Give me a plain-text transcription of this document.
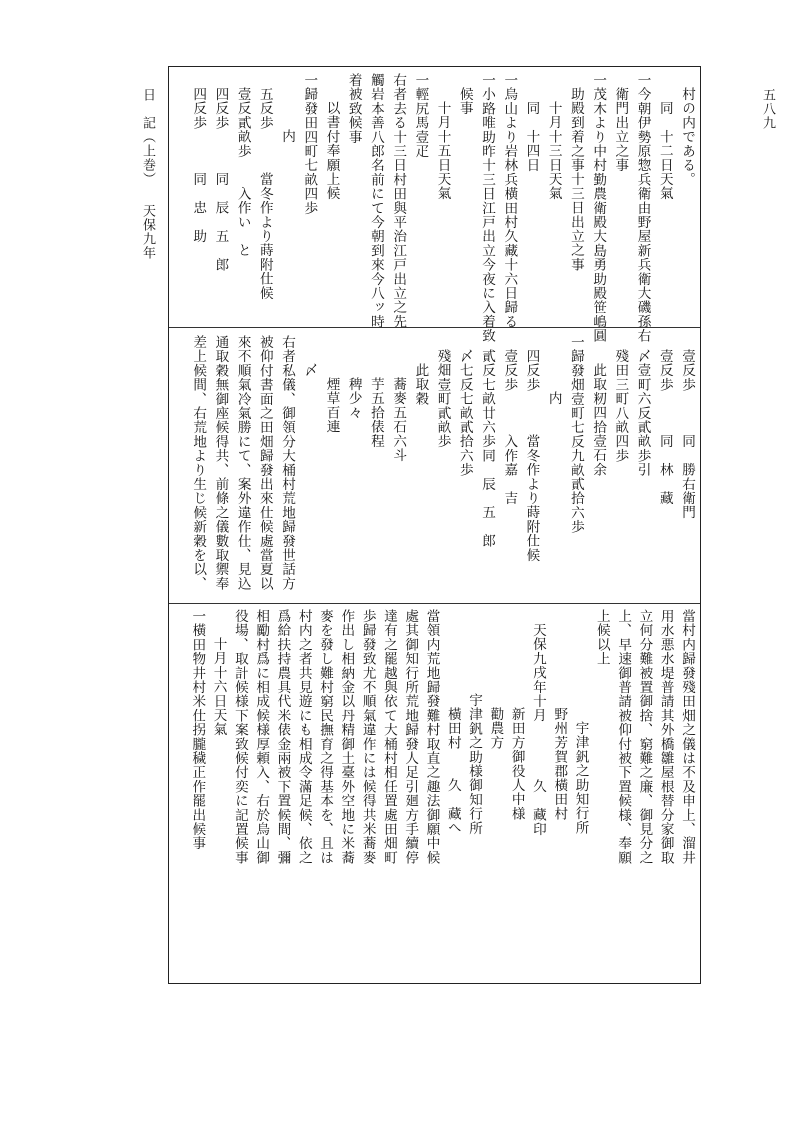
日　記（上巻）
天保九年
五八九
村の内である。
同　十二日天氣
一今朝伊勢原惣兵衛由野屋新兵衛大磯孫右
衛門出立之事
一茂木より中村勤農衛殿大島勇助殿笹嶋圓
助殿到着之事十三日出立之事
十月十三日天氣
同　十四日
一烏山より岩林兵橫田村久藏十六日歸る
一小路唯助昨十三日江戸出立今夜に入着致
候事
十月十五日天氣
一輕尻馬壹疋
右者去る十三日村田與平治江戸出立之先
觸岩本善八郎名前にて今朝到來今八ッ時
着被致候事
以書付奉願上候
一歸發田四町七畝四歩
内
五反歩　　　當冬作より蒔附仕候
壹反貳畝歩　　入作い　と
四反歩　　　同　辰　五　郎
四反歩　　　同　忠　助
壹反歩　　　同　勝右衛門
壹反歩　　　同　林　藏
〆壹町六反貳畝歩引
殘田三町八畝四歩
此取籾四拾壹石余
一歸發畑壹町七反九畝貳拾六歩
内
四反歩　　　當冬作より蒔附仕候
壹反歩　　　入作嘉　吉
貳反七畝廿六歩同　辰　五　郎
〆七反七畝貳拾六歩
殘畑壹町貳畝歩
此取穀
蕎麥五石六斗
芋五拾俵程
稗少々
煙草百連
〆
右者私儀、御領分大桶村荒地歸發世話方
被仰付書面之田畑歸發出來仕候處當夏以
來不順氣冷氣勝にて、案外違作仕、見込
通取穀無御座候得共、前條之儀數取禦奉
差上候間、右荒地より生じ候新穀を以、
當村内歸發殘田畑之儀は不及申上、溜井
用水悪水堤普請其外橋雛屋根替分家御取
立何分難被置御捨、窮難之廉、御見分之
上、早速御普請被仰付被下置候様、奉願
上候以上
宇津釩之助知行所
野州芳賀郡橫田村
天保九戌年十月　　　　久　藏印
新田方御役人中様
勸農方
宇津釩之助様御知行所
橫田村　　久　藏へ
當領内荒地歸發難村取直之趣法御願中候
處其御知行所荒地歸發人足引廻方手續停
達有之罷越與依て大桶村相任置處田畑町
歩歸發致尤不順氣違作には候得共米蕎麥
作出し相納金以丹精御土臺外空地に米蕎
麥を發し難村窮民撫育之得基本を、且は
村内之者共見遊にも相成令滿足候、依之
爲給扶持農具代米俵金兩被下置候間、彌
相勵村爲に相成候様厚頼入、右於烏山御
役場、取計候様下案致候付奕に記置候事
十月十六日天氣
一橫田物井村米仕拐朧穢正作罷出候事
